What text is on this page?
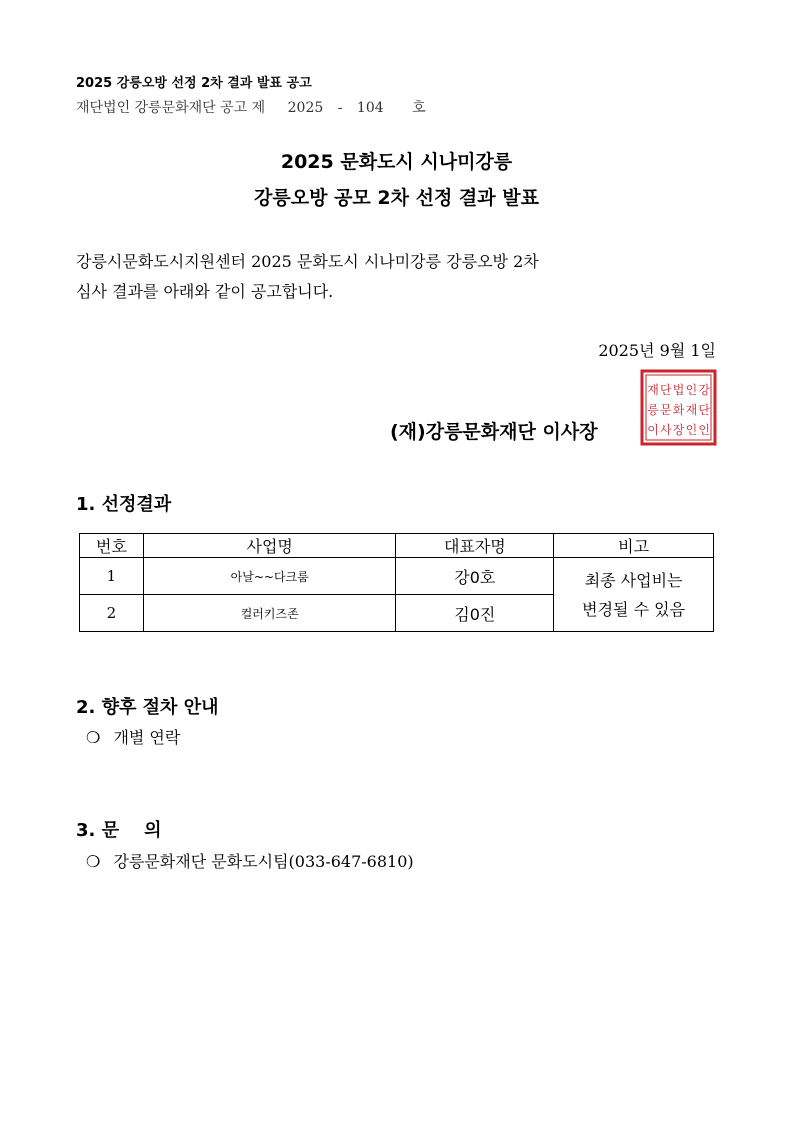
2025 강릉오방 선정 2차 결과 발표 공고
재단법인 강릉문화재단 공고 제 2025 - 104 호
2025 문화도시 시나미강릉
강릉오방 공모 2차 선정 결과 발표
강릉시문화도시지원센터 2025 문화도시 시나미강릉 강릉오방 2차
심사 결과를 아래와 같이 공고합니다.
2025년 9월 1일
(재)강릉문화재단 이사장
재 단 법 인 강
릉 문 화 재 단
이 사 장 인 인
1. 선정결과
번호	사업명	대표자명	비고
1	아날~~다크룸	강0호	최종 사업비는
변경될 수 있음

2	컬러키즈존	김0진	
2. 향후 절차 안내
❍ 개별 연락
3. 문    의
❍ 강릉문화재단 문화도시팀(033-647-6810)
